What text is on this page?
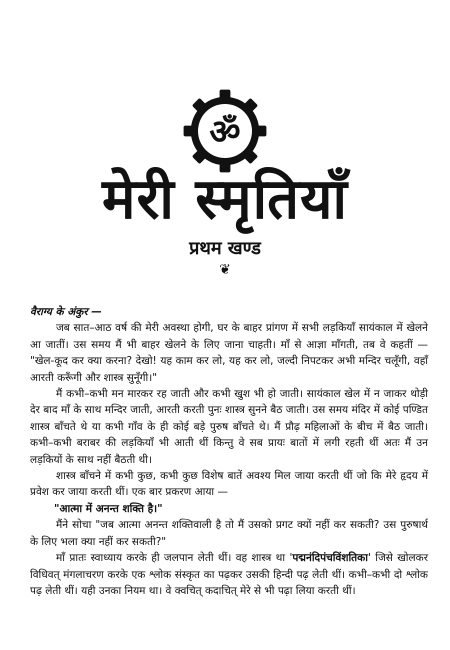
ॐ
मेरी स्मृतियाँ
प्रथम खण्ड
❦

वैराग्य के अंकुर —

जब सात–आठ वर्ष की मेरी अवस्था होगी, घर के बाहर प्रांगण में सभी लड़कियाँ सायंकाल में खेलने आ जातीं। उस समय मैं भी बाहर खेलने के लिए जाना चाहती। माँ से आज्ञा माँगती, तब वे कहतीं — "खेल-कूद कर क्या करना? देखो! यह काम कर लो, यह कर लो, जल्दी निपटकर अभी मन्दिर चलूँगी, वहाँ आरती करूँगी और शास्त्र सुनूँगी।"

मैं कभी–कभी मन मारकर रह जाती और कभी खुश भी हो जाती। सायंकाल खेल में न जाकर थोड़ी देर बाद माँ के साथ मन्दिर जाती, आरती करती पुनः शास्त्र सुनने बैठ जाती। उस समय मंदिर में कोई पण्डित शास्त्र बाँचते थे या कभी गाँव के ही कोई बड़े पुरुष बाँचते थे। मैं प्रौढ़ महिलाओं के बीच में बैठ जाती। कभी–कभी बराबर की लड़कियाँ भी आती थीं किन्तु वे सब प्रायः बातों में लगी रहती थीं अतः मैं उन लड़कियों के साथ नहीं बैठती थी।

शास्त्र बाँचने में कभी कुछ, कभी कुछ विशेष बातें अवश्य मिल जाया करती थीं जो कि मेरे हृदय में प्रवेश कर जाया करती थीं। एक बार प्रकरण आया —

"आत्मा में अनन्त शक्ति है।"

मैंने सोचा "जब आत्मा अनन्त शक्तिवाली है तो मैं उसको प्रगट क्यों नहीं कर सकती? उस पुरुषार्थ के लिए भला क्या नहीं कर सकती?"

माँ प्रातः स्वाध्याय करके ही जलपान लेती थीं। वह शास्त्र था 'पद्मनंदिपंचविंशतिका' जिसे खोलकर विधिवत् मंगलाचरण करके एक श्लोक संस्कृत का पढ़कर उसकी हिन्दी पढ़ लेती थीं। कभी–कभी दो श्लोक पढ़ लेती थीं। यही उनका नियम था। वे क्वचित् कदाचित् मेरे से भी पढ़ा लिया करती थीं।
